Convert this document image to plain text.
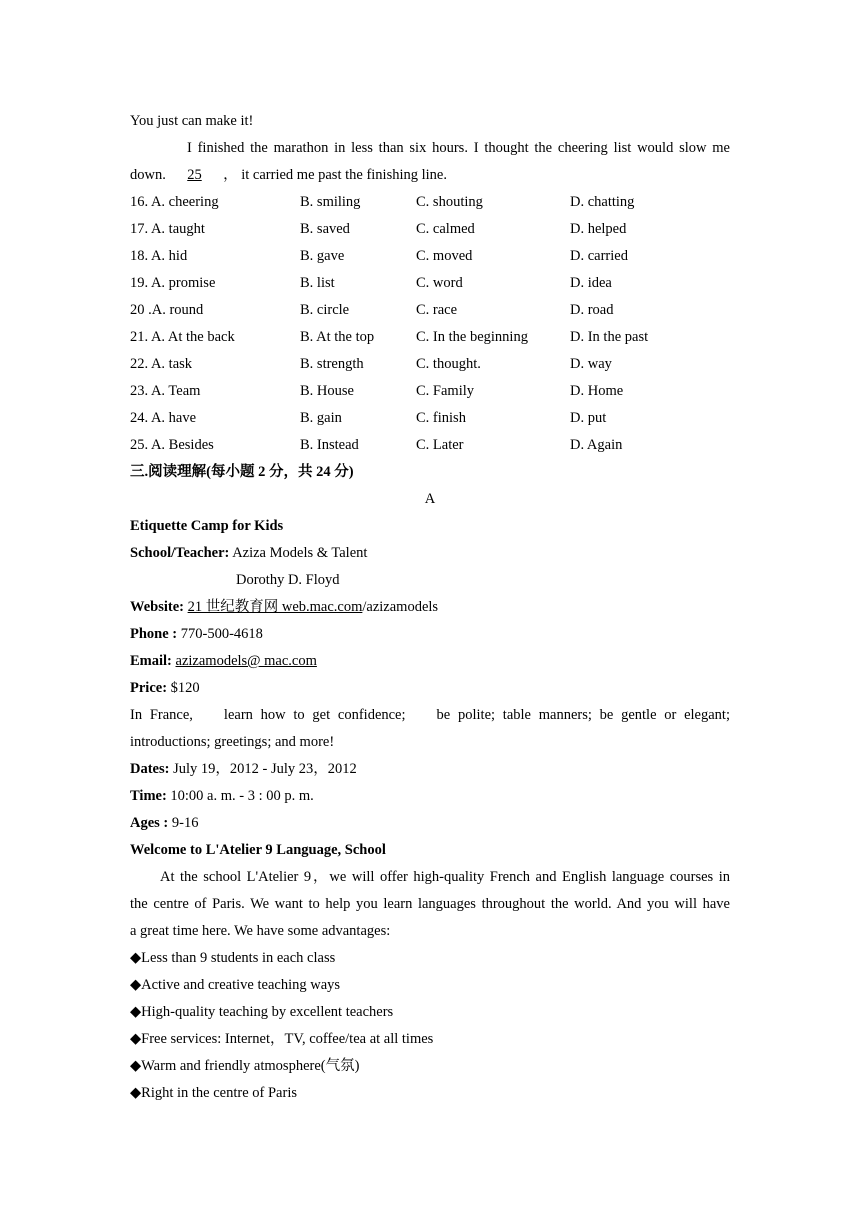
You just can make it!
I finished the marathon in less than six hours. I thought the cheering list would slow me
down. 25 ， it carried me past the finishing line.
16. A. cheering	B. smiling	C. shouting	D. chatting
17. A. taught	B. saved	C. calmed	D. helped
18. A. hid	B. gave	C. moved	D. carried
19. A. promise	B. list	C. word	D. idea
20 .A. round	B. circle	C. race	D. road
21. A. At the back	B. At the top	C. In the beginning	D. In the past
22. A. task	B. strength	C. thought.	D. way
23. A. Team	B. House	C. Family	D. Home
24. A. have	B. gain	C. finish	D. put
25. A. Besides	B. Instead	C. Later	D. Again
三.阅读理解(每小题 2 分，共 24 分)
A
Etiquette Camp for Kids
School/Teacher: Aziza Models & Talent
Dorothy D. Floyd
Website: 21 世纪教育网 web.mac.com/azizamodels
Phone : 770-500-4618
Email: azizamodels@ mac.com
Price: $120
In France,    learn how to get confidence;    be polite; table manners; be gentle or elegant;
introductions; greetings; and more!
Dates: July 19，2012 - July 23，2012
Time: 10:00 a. m. - 3 : 00 p. m.
Ages : 9-16
Welcome to L'Atelier 9 Language, School
At the school L'Atelier 9，we will offer high-quality French and English language courses in
the centre of Paris. We want to help you learn languages throughout the world. And you will have
a great time here. We have some advantages:
◆Less than 9 students in each class
◆Active and creative teaching ways
◆High-quality teaching by excellent teachers
◆Free services: Internet，TV, coffee/tea at all times
◆Warm and friendly atmosphere(气氛)
◆Right in the centre of Paris
